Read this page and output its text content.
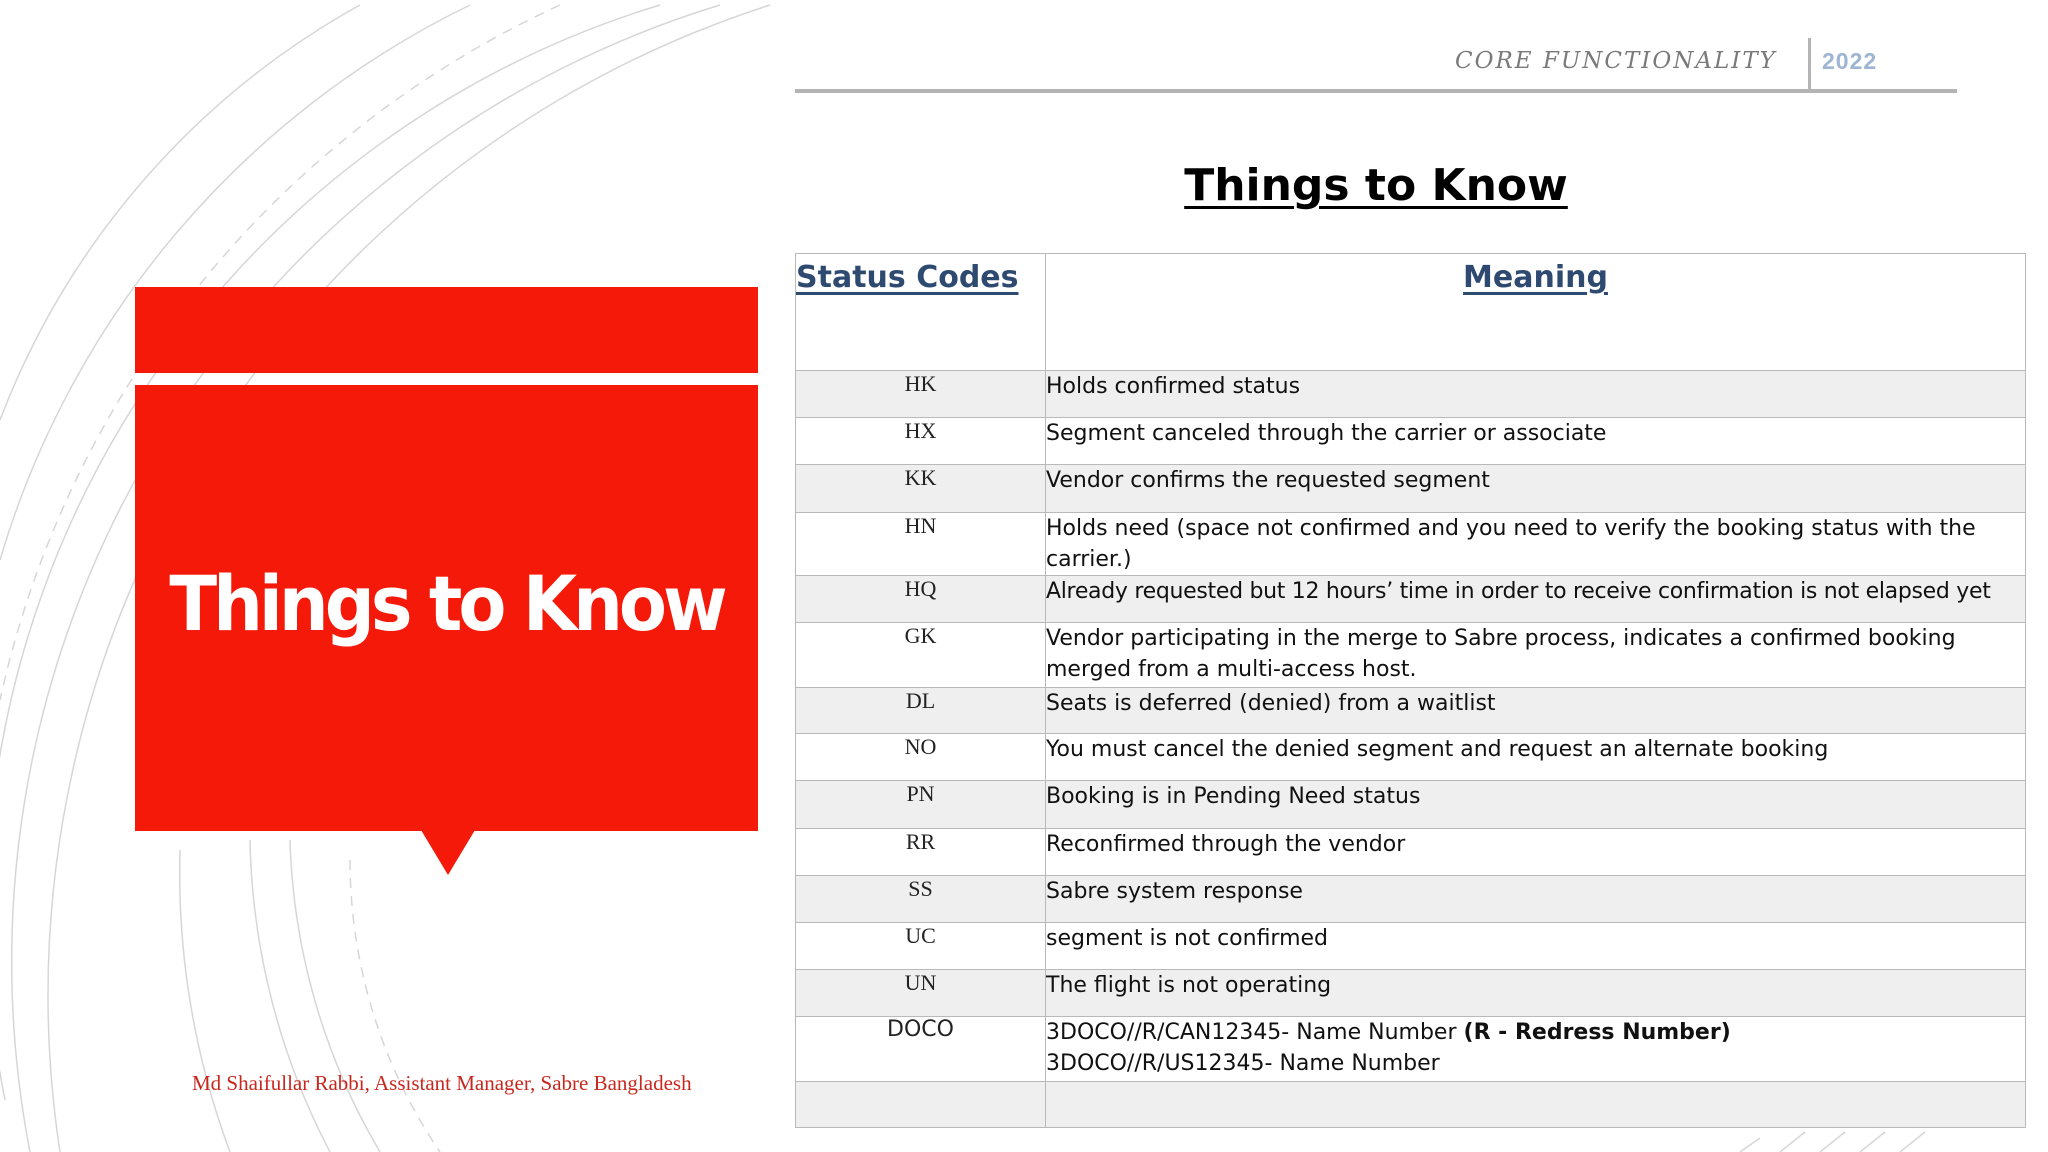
Things to Know
Md Shaifullar Rabbi, Assistant Manager, Sabre Bangladesh
CORE FUNCTIONALITY 2022
Things to Know
Status Codes	Meaning
HK	Holds confirmed status
HX	Segment canceled through the carrier or associate
KK	Vendor confirms the requested segment
HN	Holds need (space not confirmed and you need to verify the booking status with the
carrier.)

HQ	Already requested but 12 hours’ time in order to receive confirmation is not elapsed yet
GK	Vendor participating in the merge to Sabre process, indicates a confirmed booking
merged from a multi-access host.

DL	Seats is deferred (denied) from a waitlist
NO	You must cancel the denied segment and request an alternate booking
PN	Booking is in Pending Need status
RR	Reconfirmed through the vendor
SS	Sabre system response
UC	segment is not confirmed
UN	The flight is not operating
DOCO	3DOCO//R/CAN12345- Name Number (R - Redress Number)
3DOCO//R/US12345- Name Number
